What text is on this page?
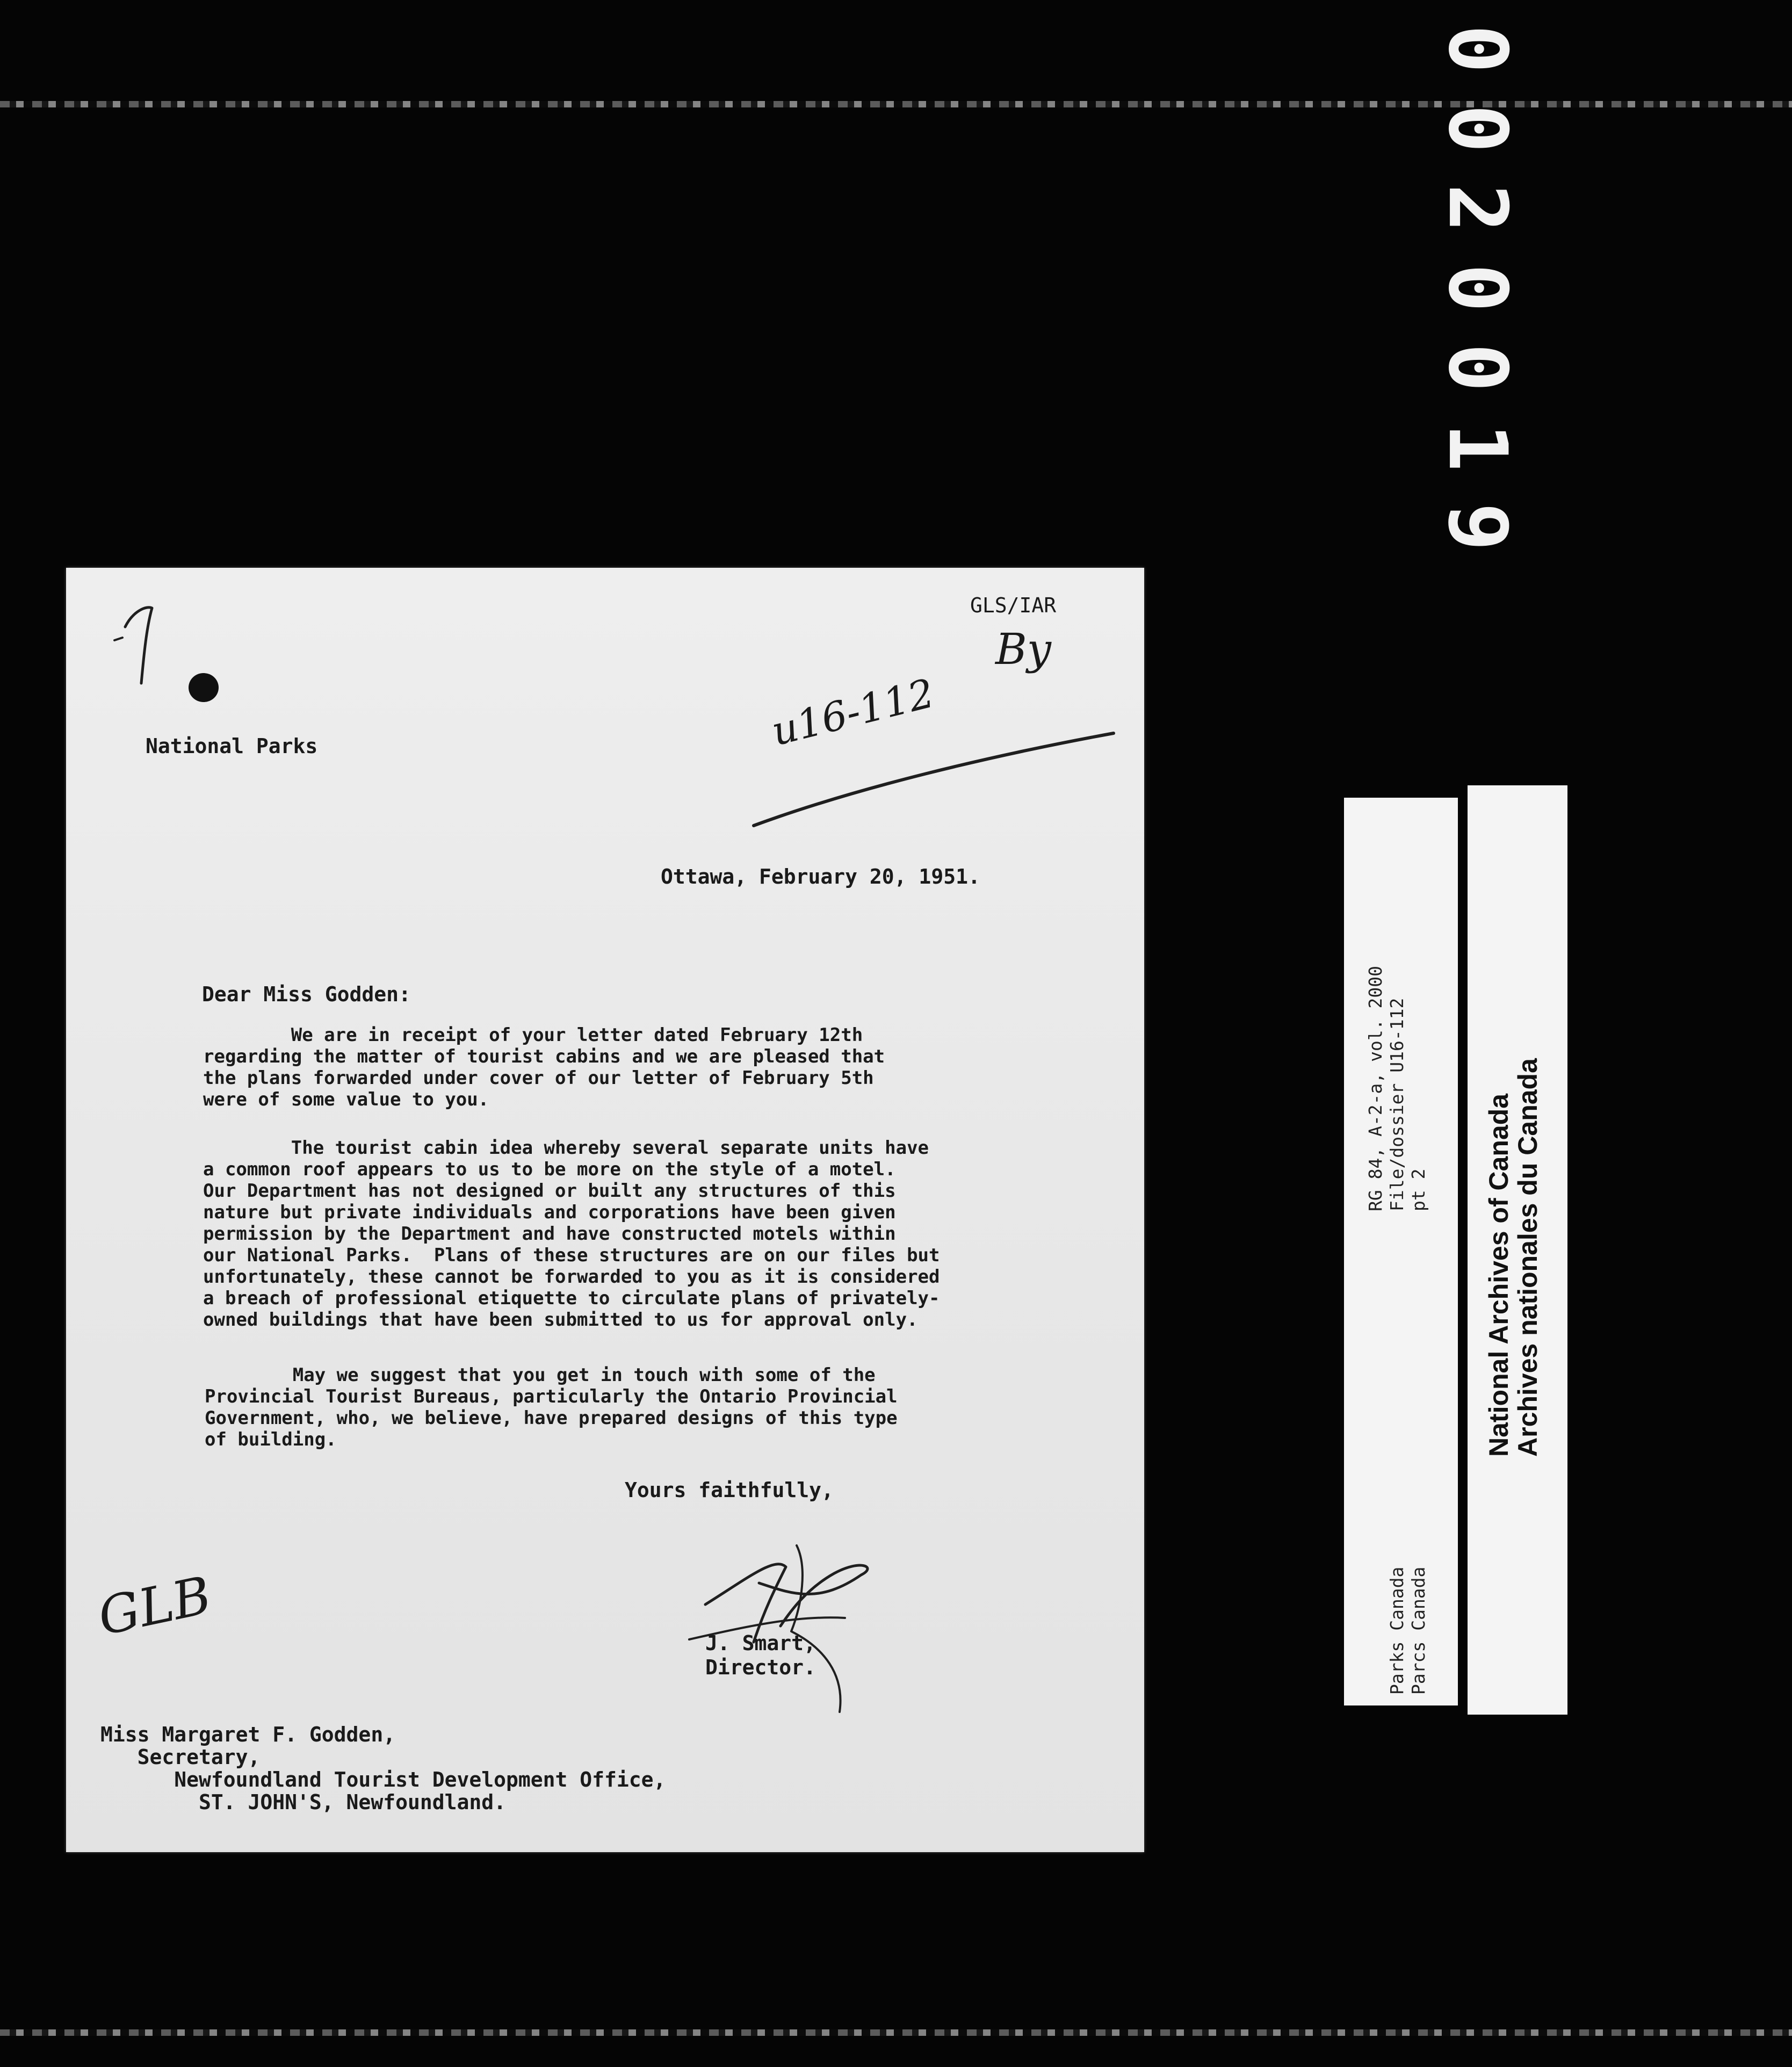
0020019

GLS/IAR

By

u16-112

National Parks

Ottawa, February 20, 1951.

Dear Miss Godden:

We are in receipt of your letter dated February 12th
regarding the matter of tourist cabins and we are pleased that
the plans forwarded under cover of our letter of February 5th
were of some value to you.

The tourist cabin idea whereby several separate units have
a common roof appears to us to be more on the style of a motel.
Our Department has not designed or built any structures of this
nature but private individuals and corporations have been given
permission by the Department and have constructed motels within
our National Parks.  Plans of these structures are on our files but
unfortunately, these cannot be forwarded to you as it is considered
a breach of professional etiquette to circulate plans of privately-
owned buildings that have been submitted to us for approval only.

May we suggest that you get in touch with some of the
Provincial Tourist Bureaus, particularly the Ontario Provincial
Government, who, we believe, have prepared designs of this type
of building.

Yours faithfully,

J. Smart,

Director.

GLB

Miss Margaret F. Godden,

Secretary,

Newfoundland Tourist Development Office,

ST. JOHN'S, Newfoundland.

RG 84, A-2-a, vol. 2000 File/dossier U16-112 pt 2

Parks Canada Parcs Canada

National Archives of Canada

Archives nationales du Canada
